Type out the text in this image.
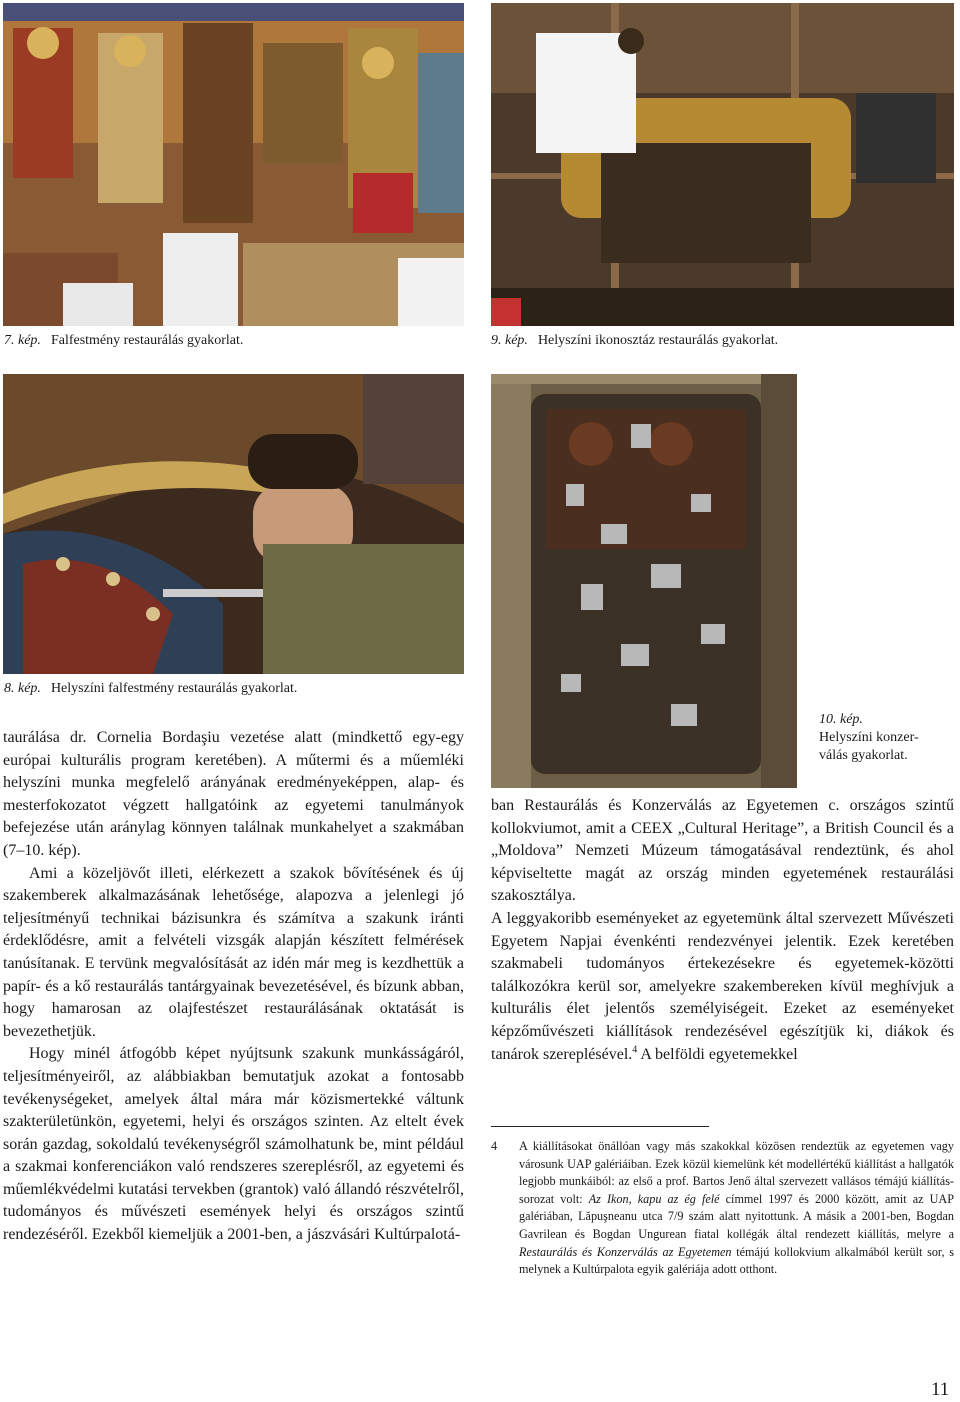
7. kép. Falfestmény restaurálás gyakorlat.	9. kép. Helyszíni ikonosztáz restaurálás gyakorlat.
8. kép. Helyszíni falfestmény restaurálás gyakorlat.
10. kép.
Helyszíni konzer-
válás gyakorlat.

taurálása dr. Cornelia Bordaşiu vezetése alatt (mindkettő egy-egy európai kulturális program keretében). A műtermi és a műemléki helyszíni munka megfelelő arányának eredményeképpen, alap- és mesterfokozatot végzett hallgatóink az egyetemi tanulmányok befejezése után aránylag könnyen találnak munkahelyet a szakmában (7–10. kép).

Ami a közeljövőt illeti, elérkezett a szakok bővítésének és új szakemberek alkalmazásának lehetősége, alapozva a jelenlegi jó teljesítményű technikai bázisunkra és számítva a szakunk iránti érdeklődésre, amit a felvételi vizsgák alapján készített felmérések tanúsítanak. E tervünk megvalósítását az idén már meg is kezdhettük a papír- és a kő restaurálás tantárgyainak bevezetésével, és bízunk abban, hogy hamarosan az olajfestészet restaurálásának oktatását is bevezethetjük.

Hogy minél átfogóbb képet nyújtsunk szakunk munkásságáról, teljesítményeiről, az alábbiakban bemutatjuk azokat a fontosabb tevékenységeket, amelyek által mára már közismertekké váltunk szakterületünkön, egyetemi, helyi és országos szinten. Az eltelt évek során gazdag, sokoldalú tevékenységről számolhatunk be, mint például a szakmai konferenciákon való rendszeres szereplésről, az egyetemi és műemlékvédelmi kutatási tervekben (grantok) való állandó részvételről, tudományos és művészeti események helyi és országos szintű rendezéséről. Ezekből kiemeljük a 2001-ben, a jászvásári Kultúrpalotá-

ban Restaurálás és Konzerválás az Egyetemen c. országos szintű kollokviumot, amit a CEEX „Cultural Heritage”, a British Council és a „Moldova” Nemzeti Múzeum támogatásával rendeztünk, és ahol képviseltette magát az ország minden egyetemének restaurálási szakosztálya.

A leggyakoribb eseményeket az egyetemünk által szervezett Művészeti Egyetem Napjai évenkénti rendezvényei jelentik. Ezek keretében szakmabeli tudományos értekezésekre és egyetemek-közötti találkozókra kerül sor, amelyekre szakembereken kívül meghívjuk a kulturális élet jelentős személyiségeit. Ezeket az eseményeket képzőművészeti kiállítások rendezésével egészítjük ki, diákok és tanárok szereplésével.$^4$ A belföldi egyetemekkel

4 A kiállításokat önállóan vagy más szakokkal közösen rendeztük az egyetemen vagy városunk UAP galériáiban. Ezek közül kiemelünk két modellértékű kiállítást a hallgatók legjobb munkáiból: az első a prof. Bartos Jenő által szervezett vallásos témájú kiállítás-sorozat volt: Az Ikon, kapu az ég felé címmel 1997 és 2000 között, amit az UAP galériában, Lăpuşneanu utca 7/9 szám alatt nyitottunk. A másik a 2001-ben, Bogdan Gavrilean és Bogdan Ungurean fiatal kollégák által rendezett kiállítás, melyre a Restaurálás és Konzerválás az Egyetemen témájú kollokvium alkalmából került sor, s melynek a Kultúrpalota egyik galériája adott otthont.
11
